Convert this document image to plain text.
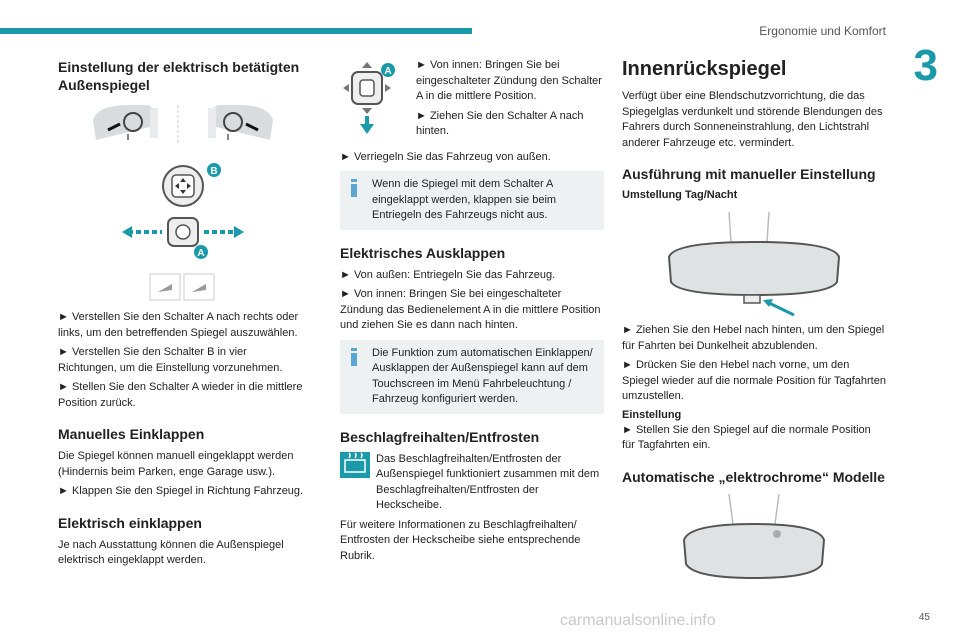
Ergonomie und Komfort
3
45
carmanualsonline.info
Einstellung der elektrisch betätigten Außenspiegel
B
A

► Verstellen Sie den Schalter A nach rechts oder links, um den betreffenden Spiegel auszuwählen.

► Verstellen Sie den Schalter B in vier Richtungen, um die Einstellung vorzunehmen.

► Stellen Sie den Schalter A wieder in die mittlere Position zurück.

Manuelles Einklappen

Die Spiegel können manuell eingeklappt werden (Hindernis beim Parken, enge Garage usw.).

► Klappen Sie den Spiegel in Richtung Fahrzeug.

Elektrisch einklappen

Je nach Ausstattung können die Außenspiegel elektrisch eingeklappt werden.

A

► Von innen: Bringen Sie bei eingeschalteter Zündung den Schalter A in die mittlere Position.

► Ziehen Sie den Schalter A nach hinten.

► Verriegeln Sie das Fahrzeug von außen.

Wenn die Spiegel mit dem Schalter A eingeklappt werden, klappen sie beim Entriegeln des Fahrzeugs nicht aus.

Elektrisches Ausklappen

► Von außen: Entriegeln Sie das Fahrzeug.

► Von innen: Bringen Sie bei eingeschalteter Zündung das Bedienelement A in die mittlere Position und ziehen Sie es dann nach hinten.

Die Funktion zum automatischen Einklappen/ Ausklappen der Außenspiegel kann auf dem Touchscreen im Menü Fahrbeleuchtung / Fahrzeug konfiguriert werden.

Beschlagfreihalten/Entfrosten

Das Beschlagfreihalten/Entfrosten der Außenspiegel funktioniert zusammen mit dem Beschlagfreihalten/Entfrosten der Heckscheibe.

Für weitere Informationen zu Beschlagfreihalten/ Entfrosten der Heckscheibe siehe entsprechende Rubrik.

Innenrückspiegel

Verfügt über eine Blendschutzvorrichtung, die das Spiegelglas verdunkelt und störende Blendungen des Fahrers durch Sonneneinstrahlung, den Lichtstrahl anderer Fahrzeuge etc. vermindert.

Ausführung mit manueller Einstellung
Umstellung Tag/Nacht

► Ziehen Sie den Hebel nach hinten, um den Spiegel für Fahrten bei Dunkelheit abzublenden.

► Drücken Sie den Hebel nach vorne, um den Spiegel wieder auf die normale Position für Tagfahrten umzustellen.

Einstellung

► Stellen Sie den Spiegel auf die normale Position für Tagfahrten ein.

Automatische „elektrochrome“ Modelle
